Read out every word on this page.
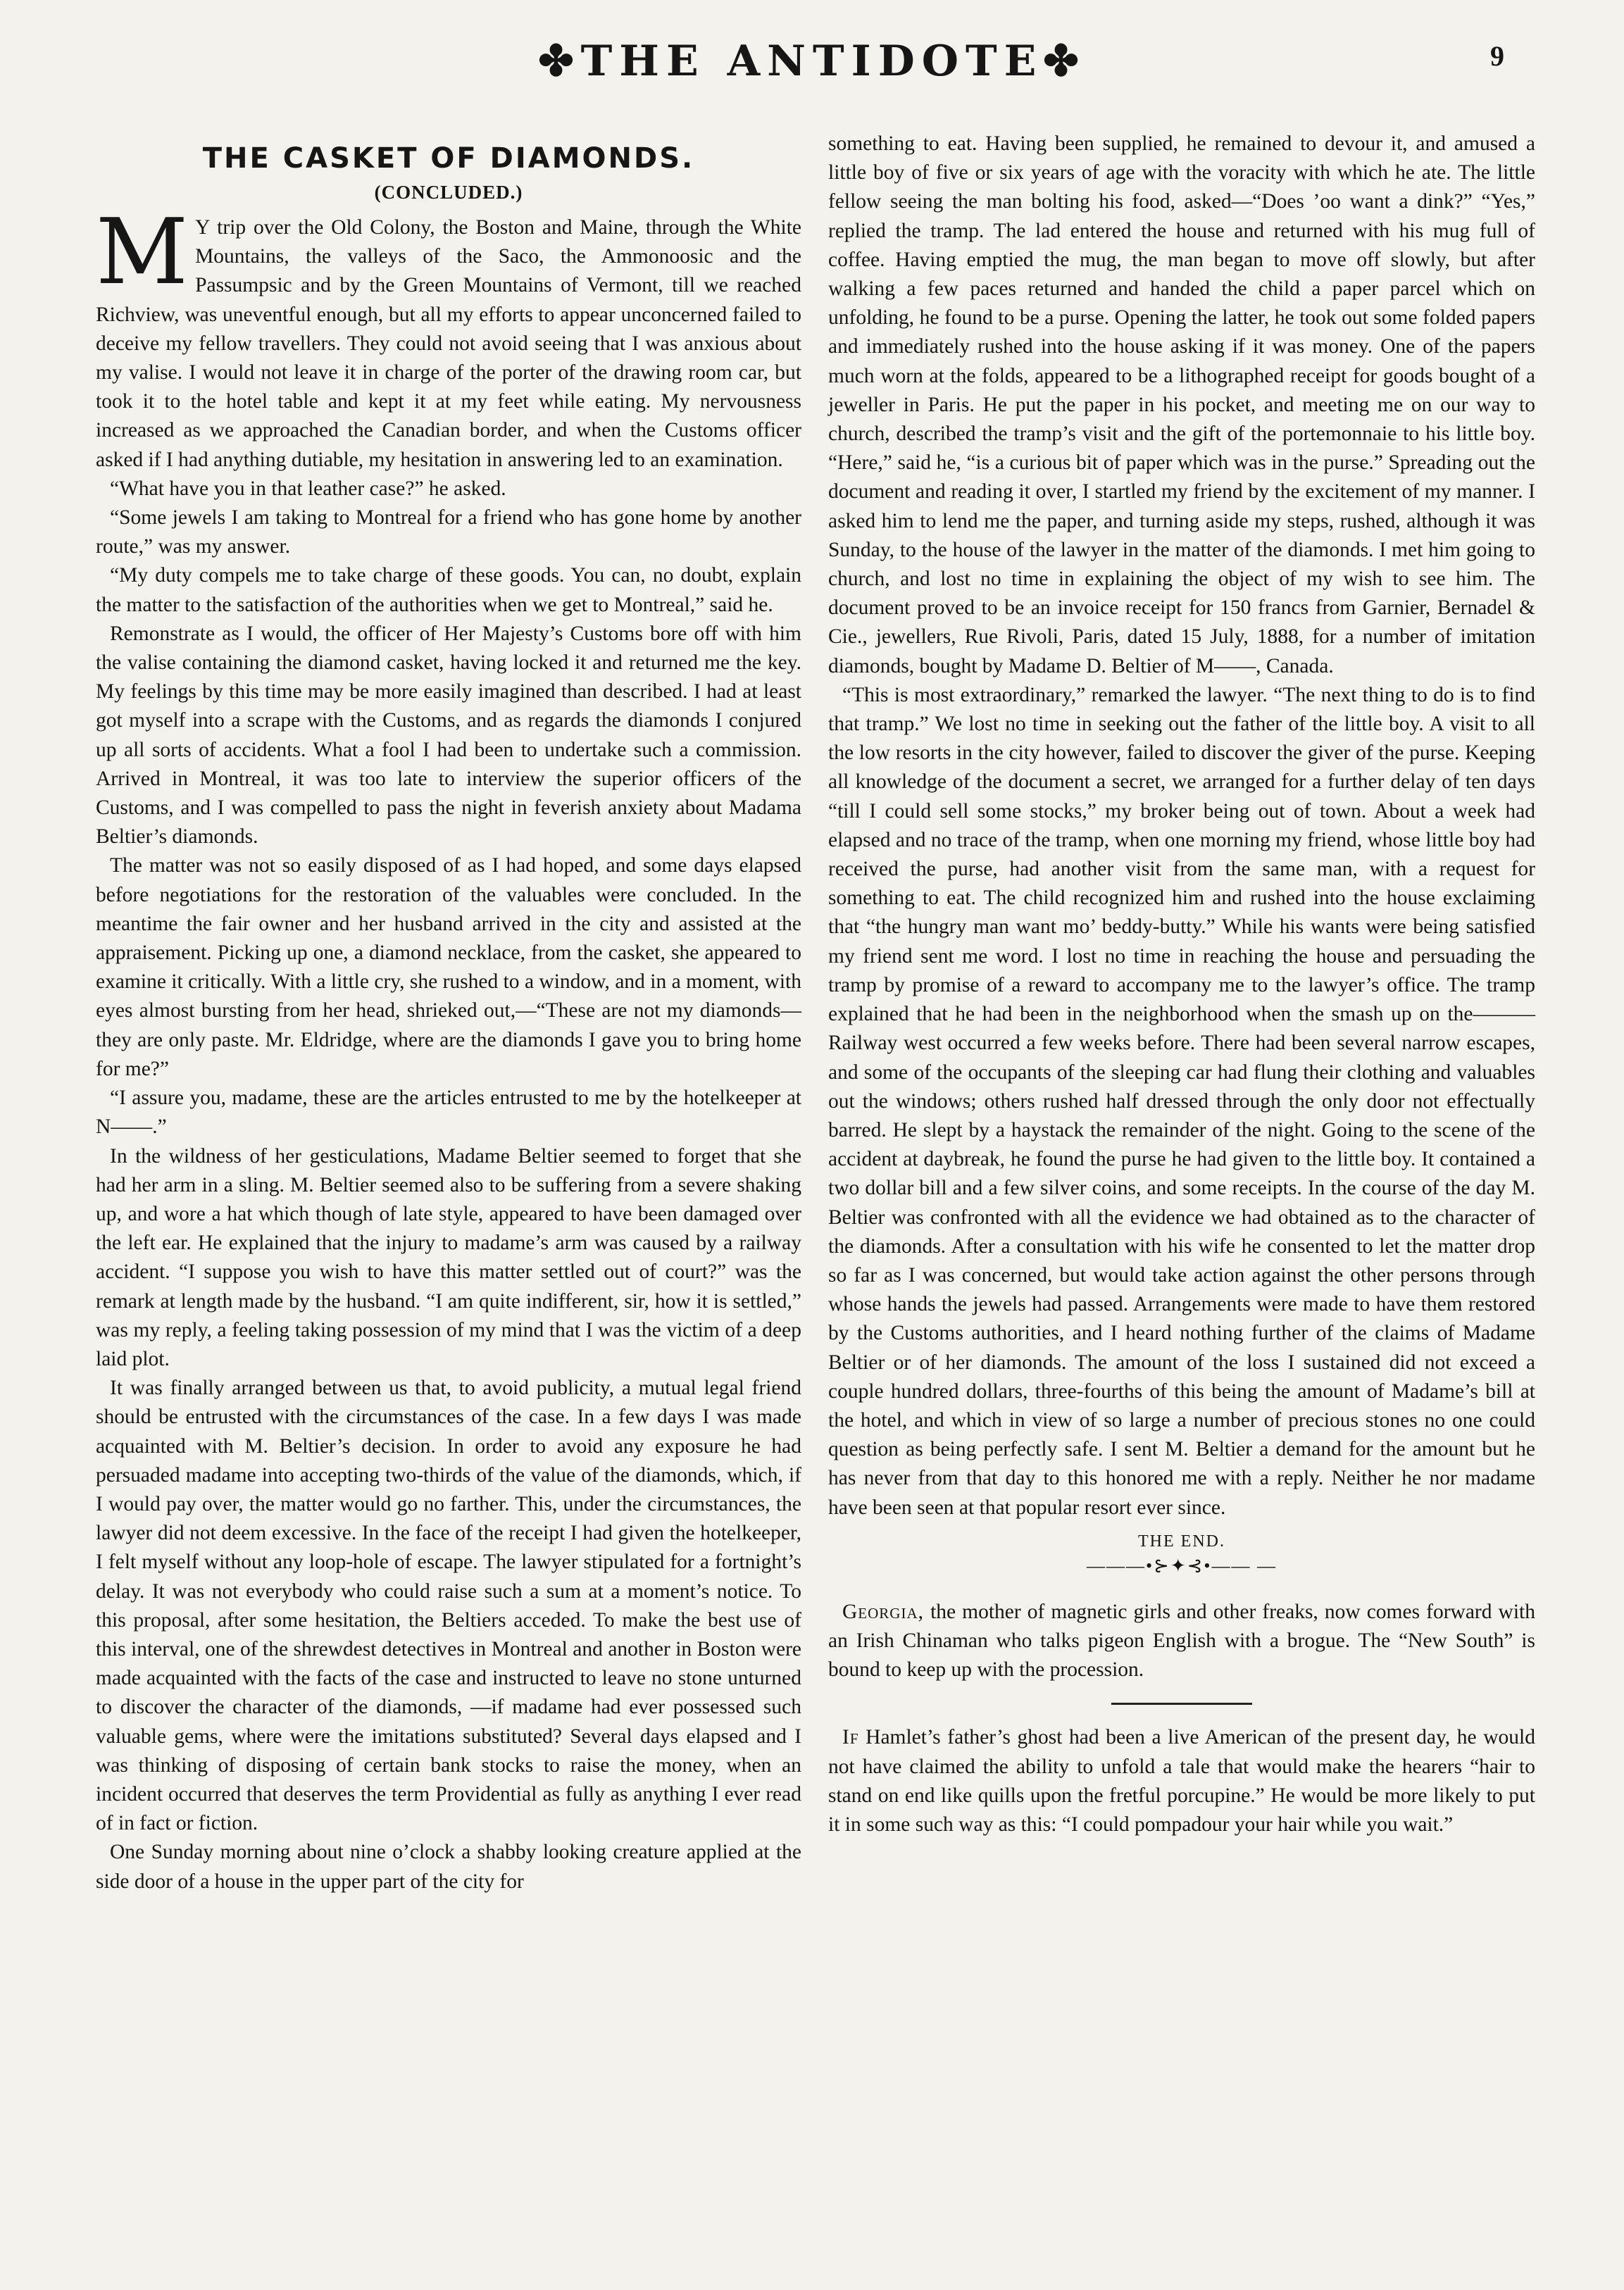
✤THE ANTIDOTE✤	9
THE CASKET OF DIAMONDS.
(CONCLUDED.)

M Y trip over the Old Colony, the Boston and Maine, through the White Mountains, the valleys of the Saco, the Ammonoosic and the Passumpsic and by the Green Mountains of Vermont, till we reached Richview, was uneventful enough, but all my efforts to appear unconcerned failed to deceive my fellow travellers. They could not avoid seeing that I was anxious about my valise. I would not leave it in charge of the porter of the drawing room car, but took it to the hotel table and kept it at my feet while eating. My nervousness increased as we approached the Canadian border, and when the Customs officer asked if I had anything dutiable, my hesitation in answering led to an examination.

“What have you in that leather case?” he asked.

“Some jewels I am taking to Montreal for a friend who has gone home by another route,” was my answer.

“My duty compels me to take charge of these goods. You can, no doubt, explain the matter to the satisfaction of the authorities when we get to Montreal,” said he.

Remonstrate as I would, the officer of Her Majesty’s Customs bore off with him the valise containing the diamond casket, having locked it and returned me the key. My feelings by this time may be more easily imagined than described. I had at least got myself into a scrape with the Customs, and as regards the diamonds I conjured up all sorts of accidents. What a fool I had been to undertake such a commission. Arrived in Montreal, it was too late to interview the superior officers of the Customs, and I was compelled to pass the night in feverish anxiety about Madama Beltier’s diamonds.

The matter was not so easily disposed of as I had hoped, and some days elapsed before negotiations for the restoration of the valuables were concluded. In the meantime the fair owner and her husband arrived in the city and assisted at the appraisement. Picking up one, a diamond necklace, from the casket, she appeared to examine it critically. With a little cry, she rushed to a window, and in a moment, with eyes almost bursting from her head, shrieked out,—“These are not my diamonds—they are only paste. Mr. Eldridge, where are the diamonds I gave you to bring home for me?”

“I assure you, madame, these are the articles entrusted to me by the hotelkeeper at N——.”

In the wildness of her gesticulations, Madame Beltier seemed to forget that she had her arm in a sling. M. Beltier seemed also to be suffering from a severe shaking up, and wore a hat which though of late style, appeared to have been damaged over the left ear. He explained that the injury to madame’s arm was caused by a railway accident. “I suppose you wish to have this matter settled out of court?” was the remark at length made by the husband. “I am quite indifferent, sir, how it is settled,” was my reply, a feeling taking possession of my mind that I was the victim of a deep laid plot.

It was finally arranged between us that, to avoid publicity, a mutual legal friend should be entrusted with the circumstances of the case. In a few days I was made acquainted with M. Beltier’s decision. In order to avoid any exposure he had persuaded madame into accepting two-thirds of the value of the diamonds, which, if I would pay over, the matter would go no farther. This, under the circumstances, the lawyer did not deem excessive. In the face of the receipt I had given the hotelkeeper, I felt myself without any loop-hole of escape. The lawyer stipulated for a fortnight’s delay. It was not everybody who could raise such a sum at a moment’s notice. To this proposal, after some hesitation, the Beltiers acceded. To make the best use of this interval, one of the shrewdest detectives in Montreal and another in Boston were made acquainted with the facts of the case and instructed to leave no stone unturned to discover the character of the diamonds, —if madame had ever possessed such valuable gems, where were the imitations substituted? Several days elapsed and I was thinking of disposing of certain bank stocks to raise the money, when an incident occurred that deserves the term Providential as fully as anything I ever read of in fact or fiction.

One Sunday morning about nine o’clock a shabby looking creature applied at the side door of a house in the upper part of the city for

something to eat. Having been supplied, he remained to devour it, and amused a little boy of five or six years of age with the voracity with which he ate. The little fellow seeing the man bolting his food, asked—“Does ’oo want a dink?” “Yes,” replied the tramp. The lad entered the house and returned with his mug full of coffee. Having emptied the mug, the man began to move off slowly, but after walking a few paces returned and handed the child a paper parcel which on unfolding, he found to be a purse. Opening the latter, he took out some folded papers and immediately rushed into the house asking if it was money. One of the papers much worn at the folds, appeared to be a lithographed receipt for goods bought of a jeweller in Paris. He put the paper in his pocket, and meeting me on our way to church, described the tramp’s visit and the gift of the portemonnaie to his little boy. “Here,” said he, “is a curious bit of paper which was in the purse.” Spreading out the document and reading it over, I startled my friend by the excitement of my manner. I asked him to lend me the paper, and turning aside my steps, rushed, although it was Sunday, to the house of the lawyer in the matter of the diamonds. I met him going to church, and lost no time in explaining the object of my wish to see him. The document proved to be an invoice receipt for 150 francs from Garnier, Bernadel & Cie., jewellers, Rue Rivoli, Paris, dated 15 July, 1888, for a number of imitation diamonds, bought by Madame D. Beltier of M——, Canada.

“This is most extraordinary,” remarked the lawyer. “The next thing to do is to find that tramp.” We lost no time in seeking out the father of the little boy. A visit to all the low resorts in the city however, failed to discover the giver of the purse. Keeping all knowledge of the document a secret, we arranged for a further delay of ten days “till I could sell some stocks,” my broker being out of town. About a week had elapsed and no trace of the tramp, when one morning my friend, whose little boy had received the purse, had another visit from the same man, with a request for something to eat. The child recognized him and rushed into the house exclaiming that “the hungry man want mo’ beddy-butty.” While his wants were being satisfied my friend sent me word. I lost no time in reaching the house and persuading the tramp by promise of a reward to accompany me to the lawyer’s office. The tramp explained that he had been in the neighborhood when the smash up on the———Railway west occurred a few weeks before. There had been several narrow escapes, and some of the occupants of the sleeping car had flung their clothing and valuables out the windows; others rushed half dressed through the only door not effectually barred. He slept by a haystack the remainder of the night. Going to the scene of the accident at daybreak, he found the purse he had given to the little boy. It contained a two dollar bill and a few silver coins, and some receipts. In the course of the day M. Beltier was confronted with all the evidence we had obtained as to the character of the diamonds. After a consultation with his wife he consented to let the matter drop so far as I was concerned, but would take action against the other persons through whose hands the jewels had passed. Arrangements were made to have them restored by the Customs authorities, and I heard nothing further of the claims of Madame Beltier or of her diamonds. The amount of the loss I sustained did not exceed a couple hundred dollars, three-fourths of this being the amount of Madame’s bill at the hotel, and which in view of so large a number of precious stones no one could question as being perfectly safe. I sent M. Beltier a demand for the amount but he has never from that day to this honored me with a reply. Neither he nor madame have been seen at that popular resort ever since.

THE END.
———•⊱✦⊰•—— —

Georgia, the mother of magnetic girls and other freaks, now comes forward with an Irish Chinaman who talks pigeon English with a brogue. The “New South” is bound to keep up with the procession.

If Hamlet’s father’s ghost had been a live American of the present day, he would not have claimed the ability to unfold a tale that would make the hearers “hair to stand on end like quills upon the fretful porcupine.” He would be more likely to put it in some such way as this: “I could pompadour your hair while you wait.”
